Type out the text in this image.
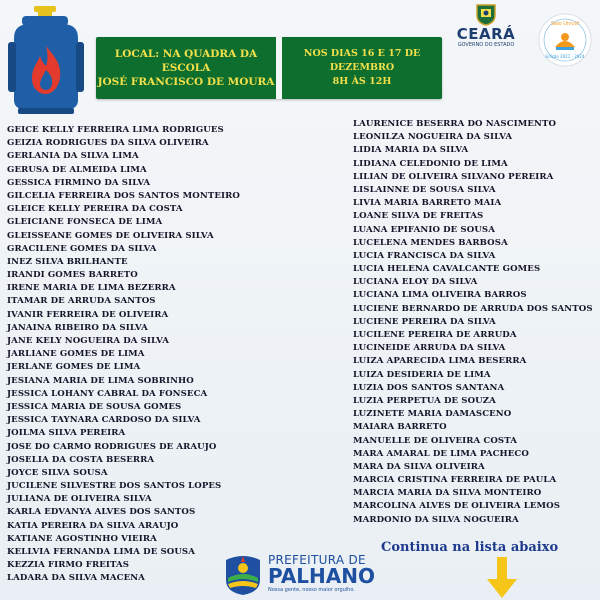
LOCAL: NA QUADRA DA ESCOLA
JOSÉ FRANCISCO DE MOURA
NOS DIAS 16 E 17 DE DEZEMBRO
8H ÀS 12H
CEARÁ
GOVERNO DO ESTADO
Selo Unicef
Edição 2021 - 2024
GEICE KELLY FERREIRA LIMA RODRIGUES
GEIZIA RODRIGUES DA SILVA OLIVEIRA
GERLANIA DA SILVA LIMA
GERUSA DE ALMEIDA LIMA
GESSICA FIRMINO DA SILVA
GILCELIA FERREIRA DOS SANTOS MONTEIRO
GLEICE KELLY PEREIRA DA COSTA
GLEICIANE FONSECA DE LIMA
GLEISSEANE GOMES DE OLIVEIRA SILVA
GRACILENE GOMES DA SILVA
INEZ SILVA BRILHANTE
IRANDI GOMES BARRETO
IRENE MARIA DE LIMA BEZERRA
ITAMAR DE ARRUDA SANTOS
IVANIR FERREIRA DE OLIVEIRA
JANAINA RIBEIRO DA SILVA
JANE KELY NOGUEIRA DA SILVA
JARLIANE GOMES DE LIMA
JERLANE GOMES DE LIMA
JESIANA MARIA DE LIMA SOBRINHO
JESSICA LOHANY CABRAL DA FONSECA
JESSICA MARIA DE SOUSA GOMES
JESSICA TAYNARA CARDOSO DA SILVA
JOILMA SILVA PEREIRA
JOSE DO CARMO RODRIGUES DE ARAUJO
JOSELIA DA COSTA BESERRA
JOYCE SILVA SOUSA
JUCILENE SILVESTRE DOS SANTOS LOPES
JULIANA DE OLIVEIRA SILVA
KARLA EDVANYA ALVES DOS SANTOS
KATIA PEREIRA DA SILVA ARAUJO
KATIANE AGOSTINHO VIEIRA
KELLVIA FERNANDA LIMA DE SOUSA
KEZZIA FIRMO FREITAS
LADARA DA SILVA MACENA
LAURENICE BESERRA DO NASCIMENTO
LEONILZA NOGUEIRA DA SILVA
LIDIA MARIA DA SILVA
LIDIANA CELEDONIO DE LIMA
LILIAN DE OLIVEIRA SILVANO PEREIRA
LISLAINNE DE SOUSA SILVA
LIVIA MARIA BARRETO MAIA
LOANE SILVA DE FREITAS
LUANA EPIFANIO DE SOUSA
LUCELENA MENDES BARBOSA
LUCIA FRANCISCA DA SILVA
LUCIA HELENA CAVALCANTE GOMES
LUCIANA ELOY DA SILVA
LUCIANA LIMA OLIVEIRA BARROS
LUCIENE BERNARDO DE ARRUDA DOS SANTOS
LUCIENE PEREIRA DA SILVA
LUCILENE PEREIRA DE ARRUDA
LUCINEIDE ARRUDA DA SILVA
LUIZA APARECIDA LIMA BESERRA
LUIZA DESIDERIA DE LIMA
LUZIA DOS SANTOS SANTANA
LUZIA PERPETUA DE SOUZA
LUZINETE MARIA DAMASCENO
MAIARA BARRETO
MANUELLE DE OLIVEIRA COSTA
MARA AMARAL DE LIMA PACHECO
MARA DA SILVA OLIVEIRA
MARCIA CRISTINA FERREIRA DE PAULA
MARCIA MARIA DA SILVA MONTEIRO
MARCOLINA ALVES DE OLIVEIRA LEMOS
MARDONIO DA SILVA NOGUEIRA
PREFEITURA DE
PALHANO
Nossa gente, nosso maior orgulho.
Continua na lista abaixo
